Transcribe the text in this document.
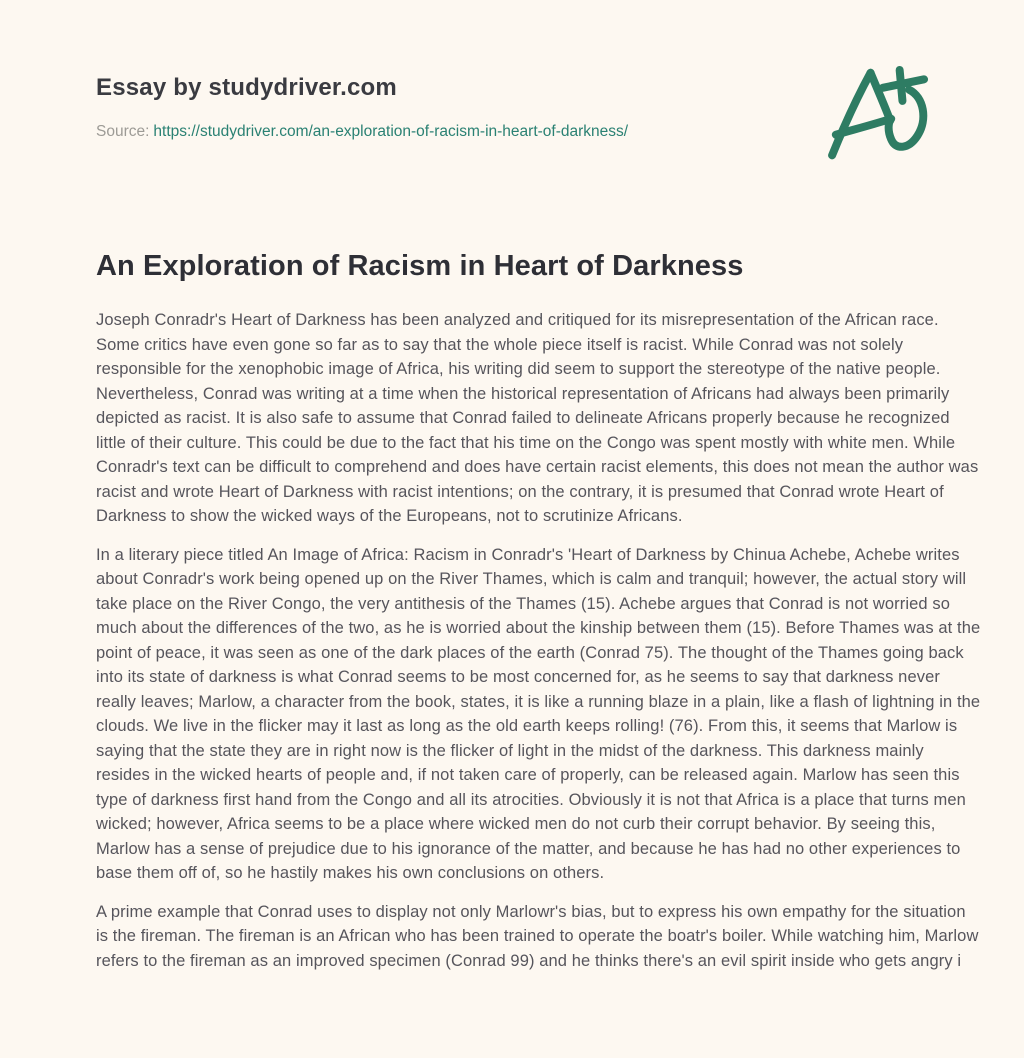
Essay by studydriver.com
Source: https://studydriver.com/an-exploration-of-racism-in-heart-of-darkness/
An Exploration of Racism in Heart of Darkness

Joseph Conradr's Heart of Darkness has been analyzed and critiqued for its misrepresentation of the African race. Some critics have even gone so far as to say that the whole piece itself is racist. While Conrad was not solely responsible for the xenophobic image of Africa, his writing did seem to support the stereotype of the native people. Nevertheless, Conrad was writing at a time when the historical representation of Africans had always been primarily depicted as racist. It is also safe to assume that Conrad failed to delineate Africans properly because he recognized little of their culture. This could be due to the fact that his time on the Congo was spent mostly with white men. While Conradr's text can be difficult to comprehend and does have certain racist elements, this does not mean the author was racist and wrote Heart of Darkness with racist intentions; on the contrary, it is presumed that Conrad wrote Heart of Darkness to show the wicked ways of the Europeans, not to scrutinize Africans.

In a literary piece titled An Image of Africa: Racism in Conradr's 'Heart of Darkness by Chinua Achebe, Achebe writes about Conradr's work being opened up on the River Thames, which is calm and tranquil; however, the actual story will take place on the River Congo, the very antithesis of the Thames (15). Achebe argues that Conrad is not worried so much about the differences of the two, as he is worried about the kinship between them (15). Before Thames was at the point of peace, it was seen as one of the dark places of the earth (Conrad 75). The thought of the Thames going back into its state of darkness is what Conrad seems to be most concerned for, as he seems to say that darkness never really leaves; Marlow, a character from the book, states, it is like a running blaze in a plain, like a flash of lightning in the clouds. We live in the flicker may it last as long as the old earth keeps rolling! (76). From this, it seems that Marlow is saying that the state they are in right now is the flicker of light in the midst of the darkness. This darkness mainly resides in the wicked hearts of people and, if not taken care of properly, can be released again. Marlow has seen this type of darkness first hand from the Congo and all its atrocities. Obviously it is not that Africa is a place that turns men wicked; however, Africa seems to be a place where wicked men do not curb their corrupt behavior. By seeing this, Marlow has a sense of prejudice due to his ignorance of the matter, and because he has had no other experiences to base them off of, so he hastily makes his own conclusions on others.

A prime example that Conrad uses to display not only Marlowr's bias, but to express his own empathy for the situation is the fireman. The fireman is an African who has been trained to operate the boatr's boiler. While watching him, Marlow refers to the fireman as an improved specimen (Conrad 99) and he thinks there's an evil spirit inside who gets angry i
